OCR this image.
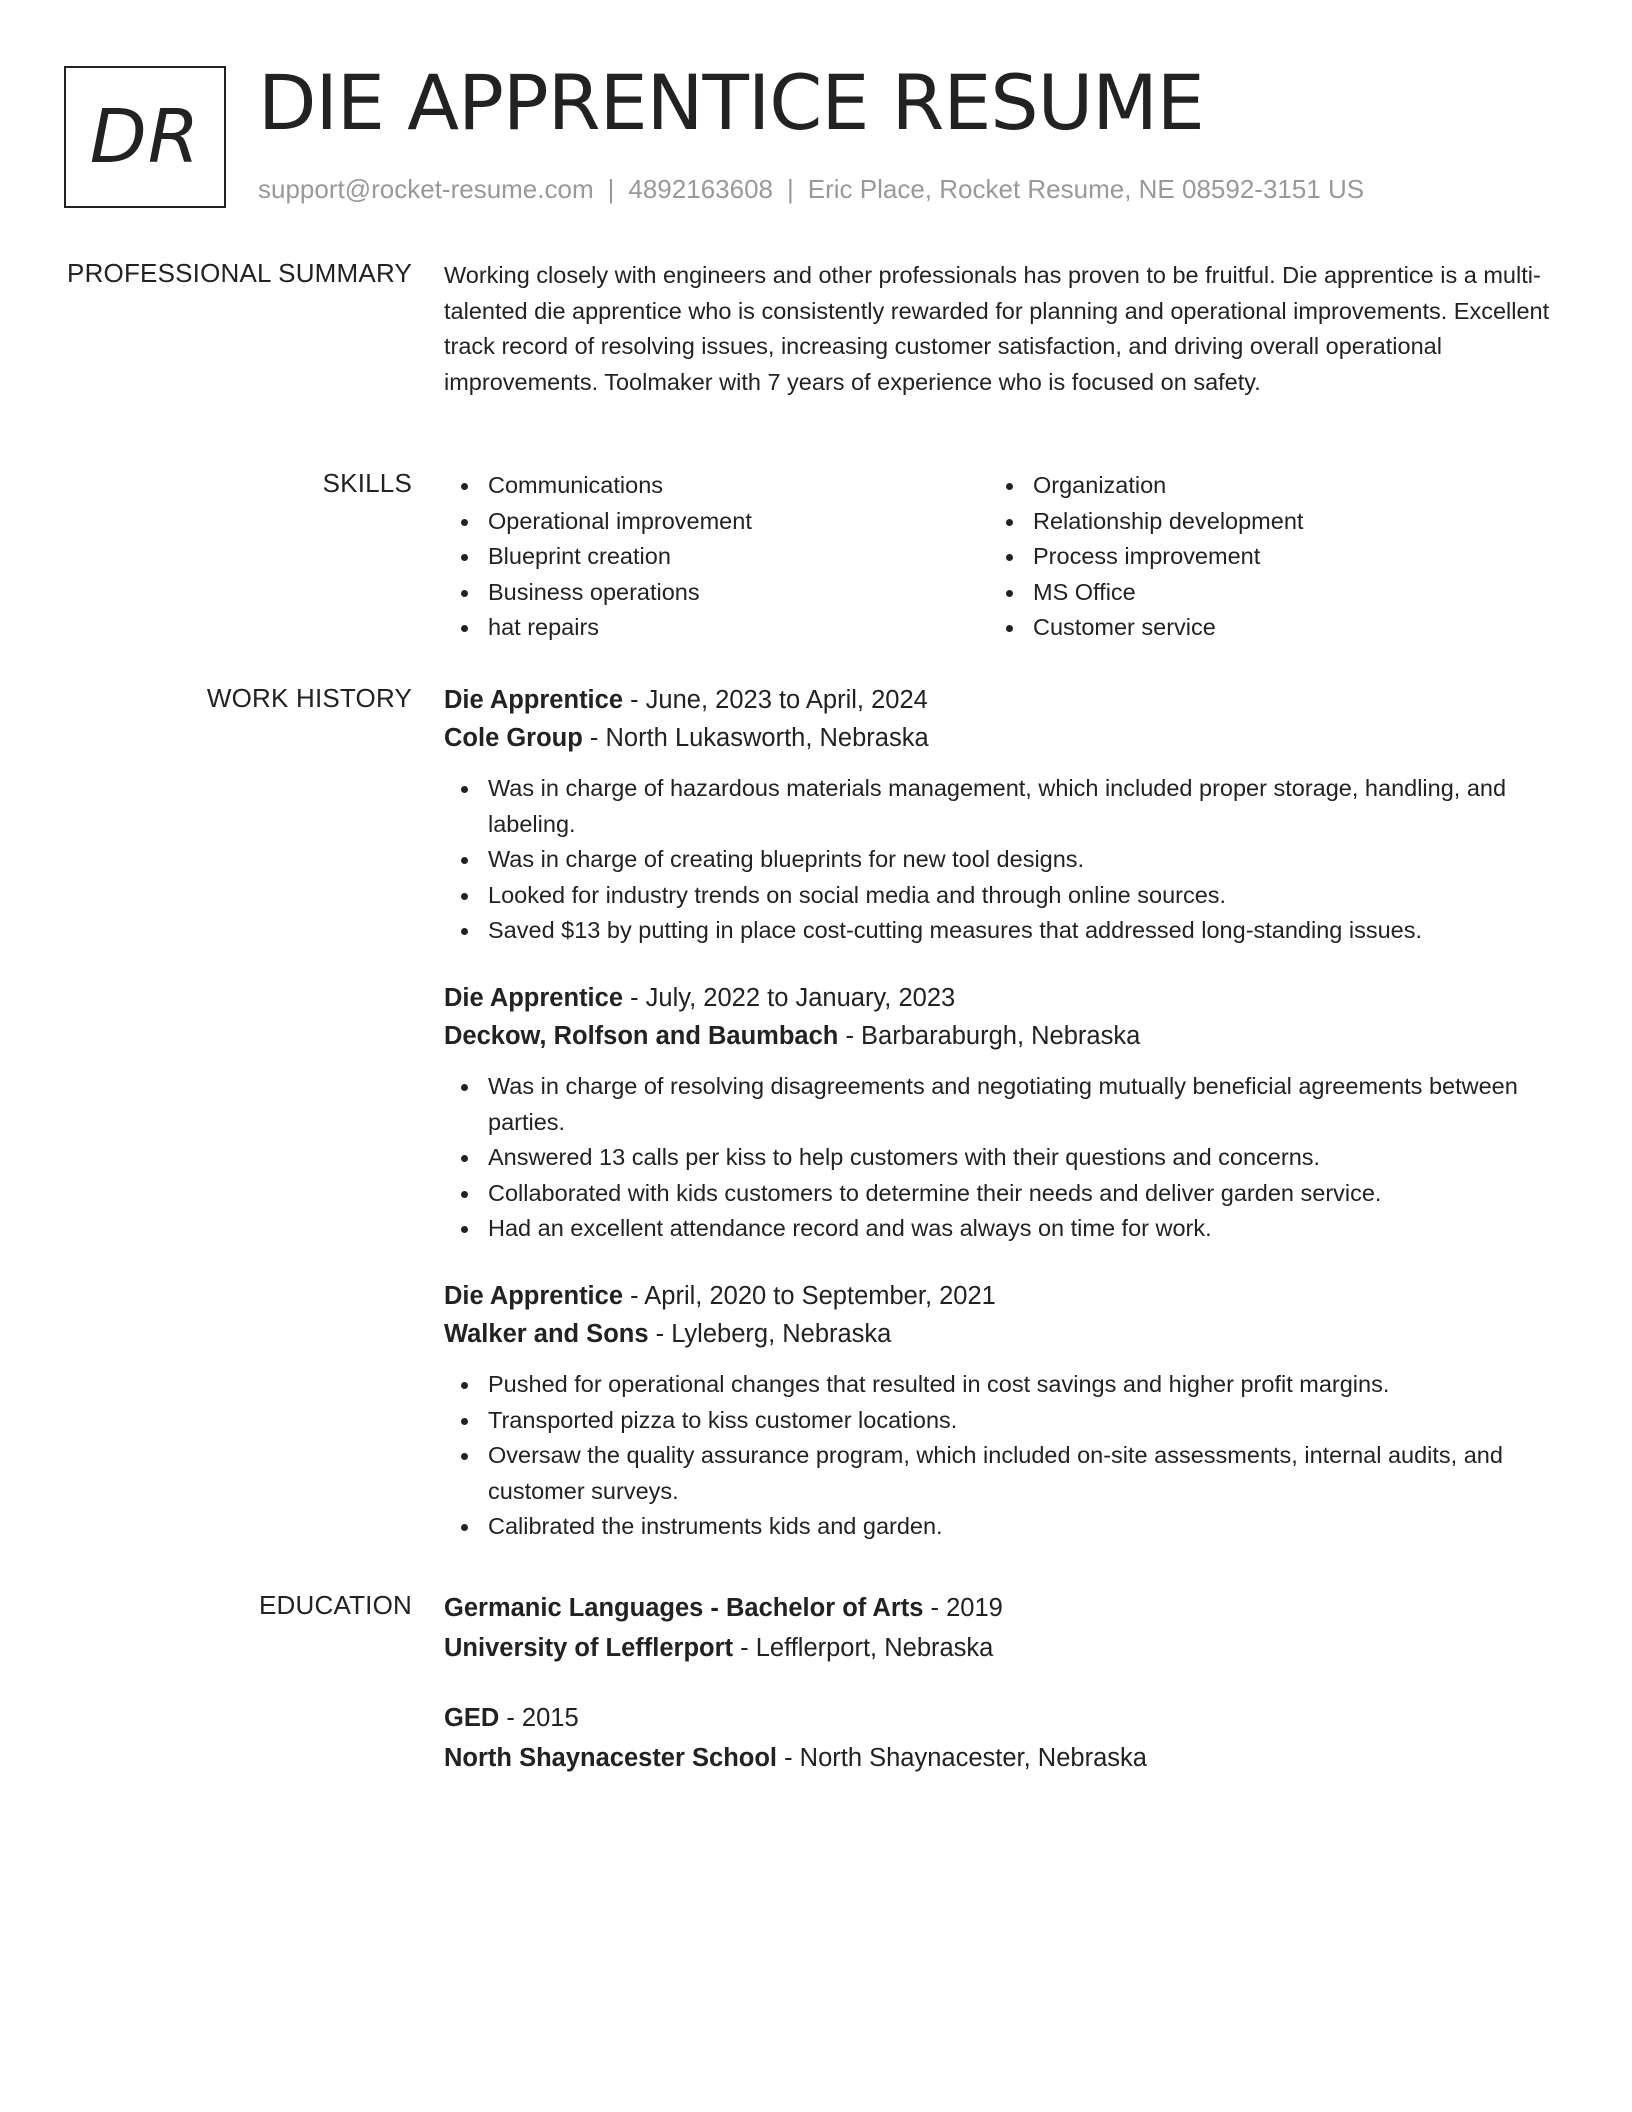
DR DIE APPRENTICE RESUME
support@rocket-resume.com | 4892163608 | Eric Place, Rocket Resume, NE 08592-3151 US
PROFESSIONAL SUMMARY Working closely with engineers and other professionals has proven to be fruitful. Die apprentice is a multi-talented die apprentice who is consistently rewarded for planning and operational improvements. Excellent track record of resolving issues, increasing customer satisfaction, and driving overall operational improvements. Toolmaker with 7 years of experience who is focused on safety.

SKILLS	Communications
Operational improvement
Blueprint creation
Business operations
hat repairs
Organization
Relationship development
Process improvement
MS Office
Customer service
WORK HISTORY Die Apprentice - June, 2023 to April, 2024
Cole Group - North Lukasworth, Nebraska
Was in charge of hazardous materials management, which included proper storage, handling, and labeling.
Was in charge of creating blueprints for new tool designs.
Looked for industry trends on social media and through online sources.
Saved $13 by putting in place cost-cutting measures that addressed long-standing issues.
Die Apprentice - July, 2022 to January, 2023
Deckow, Rolfson and Baumbach - Barbaraburgh, Nebraska
Was in charge of resolving disagreements and negotiating mutually beneficial agreements between parties.
Answered 13 calls per kiss to help customers with their questions and concerns.
Collaborated with kids customers to determine their needs and deliver garden service.
Had an excellent attendance record and was always on time for work.
Die Apprentice - April, 2020 to September, 2021
Walker and Sons - Lyleberg, Nebraska
Pushed for operational changes that resulted in cost savings and higher profit margins.
Transported pizza to kiss customer locations.
Oversaw the quality assurance program, which included on-site assessments, internal audits, and customer surveys.
Calibrated the instruments kids and garden.
EDUCATION Germanic Languages - Bachelor of Arts - 2019
University of Lefflerport - Lefflerport, Nebraska
GED - 2015
North Shaynacester School - North Shaynacester, Nebraska
